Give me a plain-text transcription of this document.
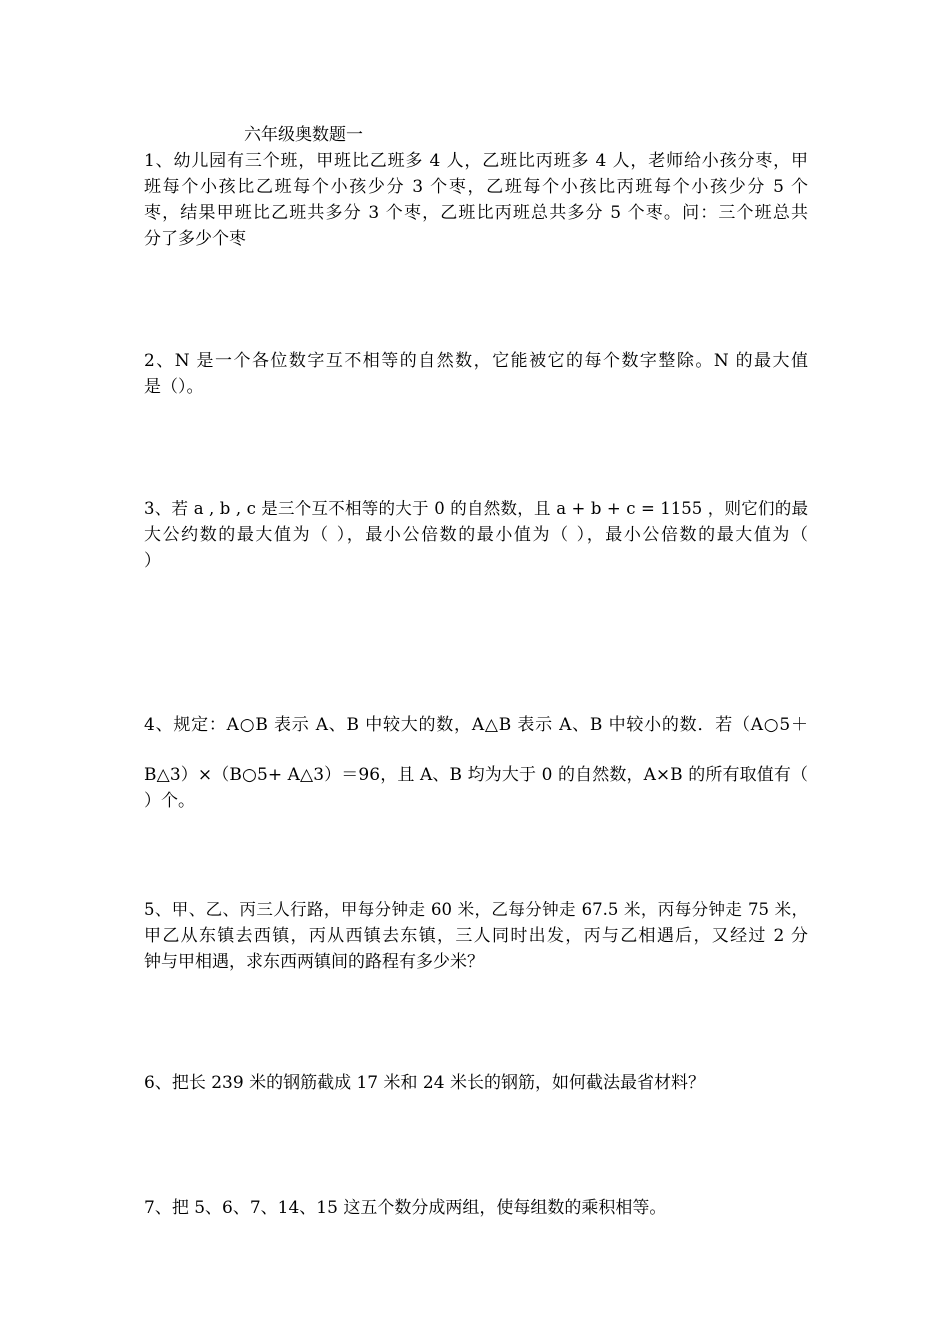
六年级奥数题一
1、幼儿园有三个班，甲班比乙班多 4 人，乙班比丙班多 4 人，老师给小孩分枣，甲
班每个小孩比乙班每个小孩少分 3 个枣，乙班每个小孩比丙班每个小孩少分 5 个
枣，结果甲班比乙班共多分 3 个枣，乙班比丙班总共多分 5 个枣。问：三个班总共
分了多少个枣
2、N 是一个各位数字互不相等的自然数，它能被它的每个数字整除。N 的最大值
是（）。
3、若 a , b , c 是三个互不相等的大于 0 的自然数，且 a + b + c = 1155 ，则它们的最
大公约数的最大值为（ ），最小公倍数的最小值为（ ），最小公倍数的最大值为（
）
4、规定：A○B 表示 A、B 中较大的数，A△B 表示 A、B 中较小的数．若（A○5＋
B△3）×（B○5+ A△3）＝96，且 A、B 均为大于 0 的自然数，A×B 的所有取值有（
）个。
5、甲、乙、丙三人行路，甲每分钟走 60 米，乙每分钟走 67.5 米，丙每分钟走 75 米，
甲乙从东镇去西镇，丙从西镇去东镇，三人同时出发，丙与乙相遇后，又经过 2 分
钟与甲相遇，求东西两镇间的路程有多少米？
6、把长 239 米的钢筋截成 17 米和 24 米长的钢筋，如何截法最省材料？
7、把 5、6、7、14、15 这五个数分成两组，使每组数的乘积相等。
